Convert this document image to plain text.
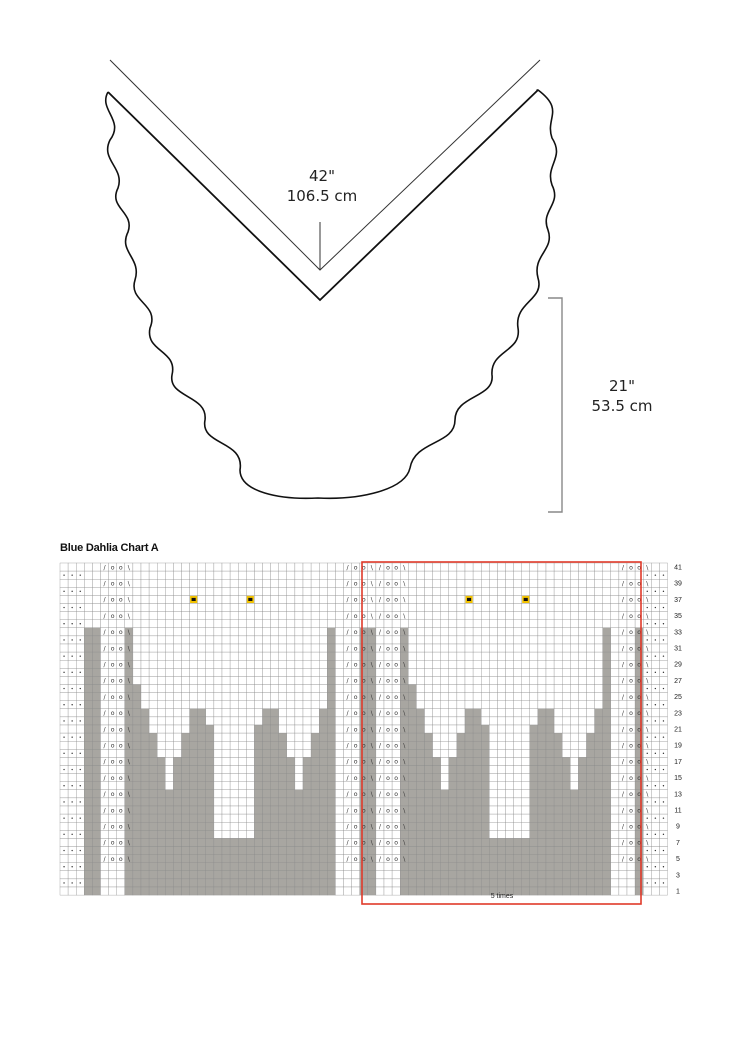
42"
106.5 cm
21"
53.5 cm
Blue Dahlia Chart A
/ o o \
/ o o \
/ o o \
/ o o \
/ o o \
/ o o \
/ o o \
/ o o \
/ o o \
/ o o \
/ o o \
/ o o \
/ o o \
/ o o \
/ o o \
/ o o \
/ o o \
/ o o \
/ o o \
/ o o \
/ o o \
/ o o \
/ o o \
/ o o \
/ o o \
/ o o \
/ o o \
/ o o \
/ o o \
/ o o \
/ o o \
/ o o \
/ o o \
/ o o \
/ o o \
/ o o \
/ o o \
/ o o \
/ o o \
/ o o \
/ o o \
/ o o \
/ o o \
/ o o \
/ o o \
/ o o \
/ o o \
/ o o \
/ o o \
/ o o \
/ o o \
/ o o \
/ o o \
/ o o \
/ o o \
/ o o \
/ o o \
/ o o \
/ o o \
/ o o \
/ o o \
/ o o \
/ o o \
/ o o \
/ o o \
/ o o \
/ o o \
/ o o \
/ o o \
/ o o \
/ o o \
/ o o \
/ o o \
/ o o \
/ o o \
/ o o \
41
39
37
35
33
31
29
27
25
23
21
19
17
15
13
11
9
7
5
3
1
5 times
